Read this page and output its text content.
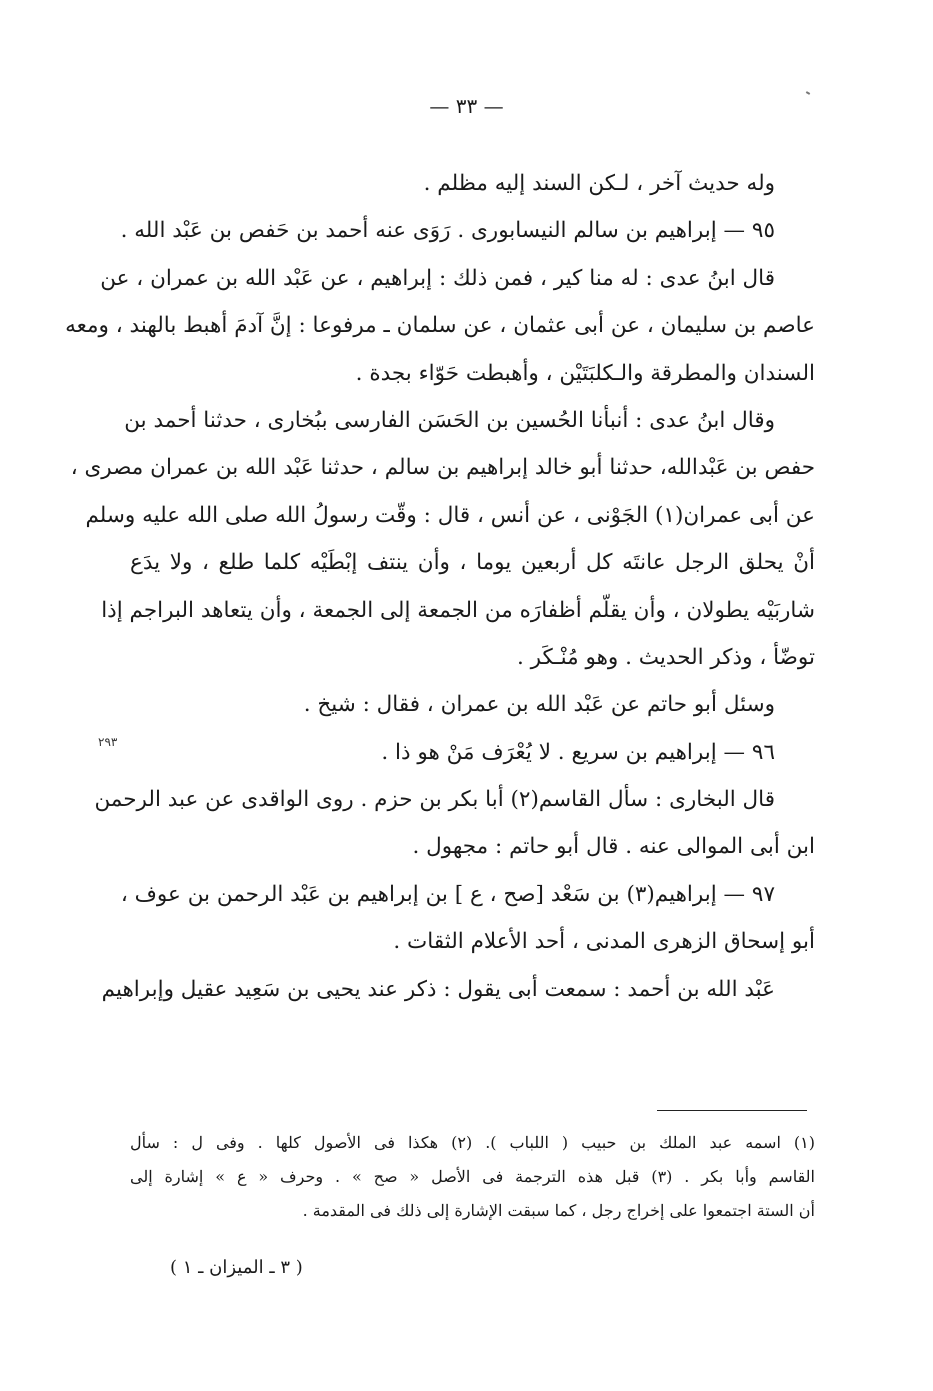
— ٣٣ —
وله حديث آخر ، لـكن السند إليه مظلم .
٩٥ — إبراهيم بن سالم النيسابورى . رَوَى عنه أحمد بن حَفص بن عَبْد الله .
قال ابنُ عدى : له منا كير ، فمن ذلك : إبراهيم ، عن عَبْد الله بن عمران ، عن
عاصم بن سليمان ، عن أبى عثمان ، عن سلمان ـ مرفوعا : إنَّ آدمَ أهبط بالهند ، ومعه
السندان والمطرقة والـكلبَتَيْن ، وأهبطت حَوّاء بجدة .
وقال ابنُ عدى : أنبأنا الحُسين بن الحَسَن الفارسى ببُخارى ، حدثنا أحمد بن
حفص بن عَبْدالله، حدثنا أبو خالد إبراهيم بن سالم ، حدثنا عَبْد الله بن عمران مصرى ،
عن أبى عمران(١) الجَوْنى ، عن أنس ، قال : وقّت رسولُ الله صلى الله عليه وسلم
أنْ يحلق الرجل عانتَه كل أربعين يوما ، وأن ينتف إبْطَيْه كلما طلع ، ولا يدَع
شاربَيْه يطولان ، وأن يقلّم أظفارَه من الجمعة إلى الجمعة ، وأن يتعاهد البراجم إذا
توضّأ ، وذكر الحديث . وهو مُنْـكَر .
وسئل أبو حاتم عن عَبْد الله بن عمران ، فقال : شيخ .
٩٦ — إبراهيم بن سريع . لا يُعْرَف مَنْ هو ذا .
قال البخارى : سأل القاسم(٢) أبا بكر بن حزم . روى الواقدى عن عبد الرحمن
ابن أبى الموالى عنه . قال أبو حاتم : مجهول .
٩٧ — إبراهيم(٣) بن سَعْد [صح ، ع ] بن إبراهيم بن عَبْد الرحمن بن عوف ،
أبو إسحاق الزهرى المدنى ، أحد الأعلام الثقات .
عَبْد الله بن أحمد : سمعت أبى يقول : ذكر عند يحيى بن سَعِيد عقيل وإبراهيم
٢٩٣
(١) اسمه عبد الملك بن حبيب ( اللباب ). (٢) هكذا فى الأصول كلها . وفى ل : سأل
القاسم وأبا بكر . (٣) قبل هذه الترجمة فى الأصل « صح » . وحرف « ع » إشارة إلى
أن الستة اجتمعوا على إخراج رجل ، كما سبقت الإشارة إلى ذلك فى المقدمة .
( ٣ ـ الميزان ـ ١ )
